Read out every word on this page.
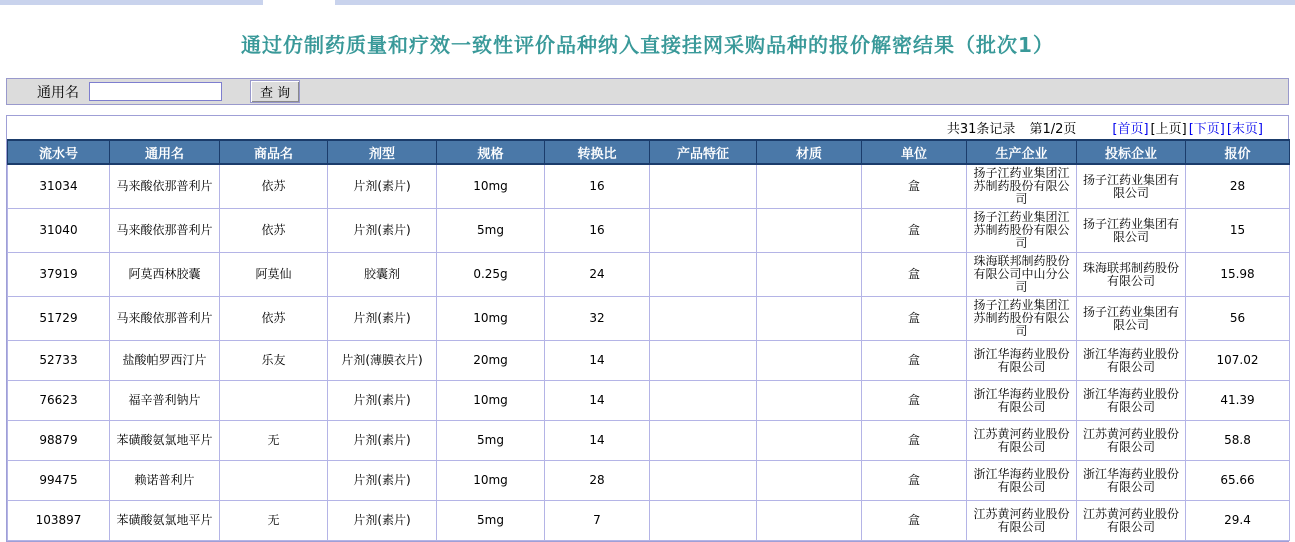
通过仿制药质量和疗效一致性评价品种纳入直接挂网采购品种的报价解密结果（批次1）
通用名	查 询
共31条记录 第1/2页	[首页] [上页] [下页] [末页]
流水号	通用名	商品名	剂型	规格	转换比	产品特征	材质	单位	生产企业	投标企业	报价
31034	马来酸依那普利片	依苏	片剂(素片)	10mg	16			盒	扬子江药业集团江苏制药股份有限公司	扬子江药业集团有限公司	28
31040	马来酸依那普利片	依苏	片剂(素片)	5mg	16			盒	扬子江药业集团江苏制药股份有限公司	扬子江药业集团有限公司	15
37919	阿莫西林胶囊	阿莫仙	胶囊剂	0.25g	24			盒	珠海联邦制药股份有限公司中山分公司	珠海联邦制药股份有限公司	15.98
51729	马来酸依那普利片	依苏	片剂(素片)	10mg	32			盒	扬子江药业集团江苏制药股份有限公司	扬子江药业集团有限公司	56
52733	盐酸帕罗西汀片	乐友	片剂(薄膜衣片)	20mg	14			盒	浙江华海药业股份有限公司	浙江华海药业股份有限公司	107.02
76623	福辛普利钠片		片剂(素片)	10mg	14			盒	浙江华海药业股份有限公司	浙江华海药业股份有限公司	41.39
98879	苯磺酸氨氯地平片	无	片剂(素片)	5mg	14			盒	江苏黄河药业股份有限公司	江苏黄河药业股份有限公司	58.8
99475	赖诺普利片		片剂(素片)	10mg	28			盒	浙江华海药业股份有限公司	浙江华海药业股份有限公司	65.66
103897	苯磺酸氨氯地平片	无	片剂(素片)	5mg	7			盒	江苏黄河药业股份有限公司	江苏黄河药业股份有限公司	29.4
